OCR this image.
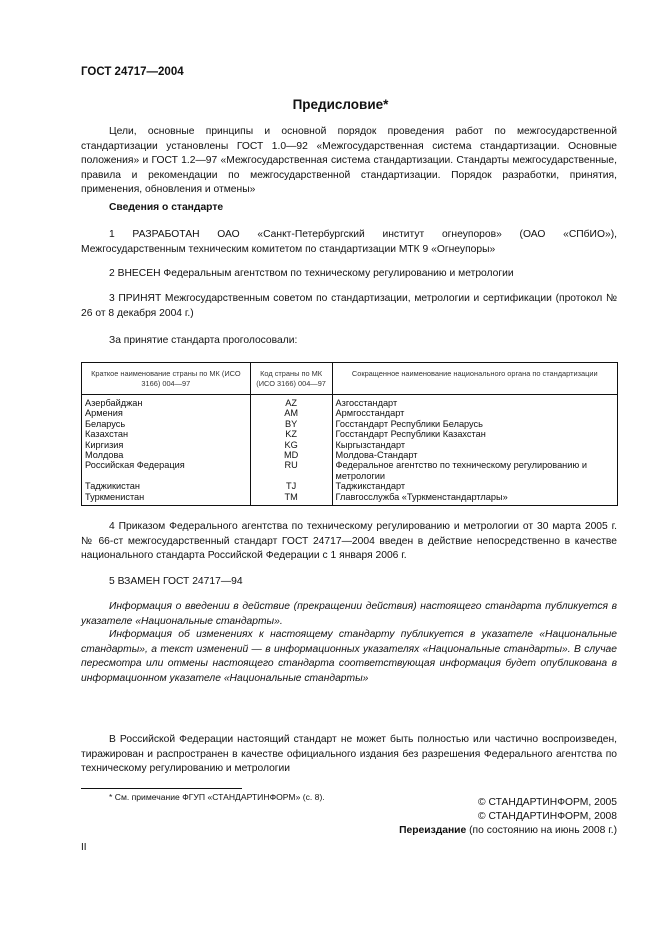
ГОСТ 24717—2004
Предисловие*
Цели, основные принципы и основной порядок проведения работ по межгосударственной стандартизации установлены ГОСТ 1.0—92 «Межгосударственная система стандартизации. Основные положения» и ГОСТ 1.2—97 «Межгосударственная система стандартизации. Стандарты межгосударственные, правила и рекомендации по межгосударственной стандартизации. Порядок разработки, принятия, применения, обновления и отмены»
Сведения о стандарте
1 РАЗРАБОТАН ОАО «Санкт-Петербургский институт огнеупоров» (ОАО «СПбИО»), Межгосударственным техническим комитетом по стандартизации МТК 9 «Огнеупоры»
2 ВНЕСЕН Федеральным агентством по техническому регулированию и метрологии
3 ПРИНЯТ Межгосударственным советом по стандартизации, метрологии и сертификации (протокол № 26 от 8 декабря 2004 г.)
За принятие стандарта проголосовали:
Краткое наименование страны по МК (ИСО 3166) 004—97	Код страны по МК (ИСО 3166) 004—97	Сокращенное наименование национального органа по стандартизации
Азербайджан	AZ	Азгосстандарт
Армения	AM	Армгосстандарт
Беларусь	BY	Госстандарт Республики Беларусь
Казахстан	KZ	Госстандарт Республики Казахстан
Киргизия	KG	Кыргызстандарт
Молдова	MD	Молдова-Стандарт
Российская Федерация	RU	Федеральное агентство по техническому регулированию и метрологии
Таджикистан	TJ	Таджикстандарт
Туркменистан	TM	Главгосслужба «Туркменстандартлары»
4 Приказом Федерального агентства по техническому регулированию и метрологии от 30 марта 2005 г. № 66-ст межгосударственный стандарт ГОСТ 24717—2004 введен в действие непосредственно в качестве национального стандарта Российской Федерации с 1 января 2006 г.
5 ВЗАМЕН ГОСТ 24717—94
Информация о введении в действие (прекращении действия) настоящего стандарта публикуется в указателе «Национальные стандарты».
Информация об изменениях к настоящему стандарту публикуется в указателе «Национальные стандарты», а текст изменений — в информационных указателях «Национальные стандарты». В случае пересмотра или отмены настоящего стандарта соответствующая информация будет опубликована в информационном указателе «Национальные стандарты»
В Российской Федерации настоящий стандарт не может быть полностью или частично воспроизведен, тиражирован и распространен в качестве официального издания без разрешения Федерального агентства по техническому регулированию и метрологии
* См. примечание ФГУП «СТАНДАРТИНФОРМ» (с. 8).	© СТАНДАРТИНФОРМ, 2005
© СТАНДАРТИНФОРМ, 2008
Переиздание (по состоянию на июнь 2008 г.)
II
